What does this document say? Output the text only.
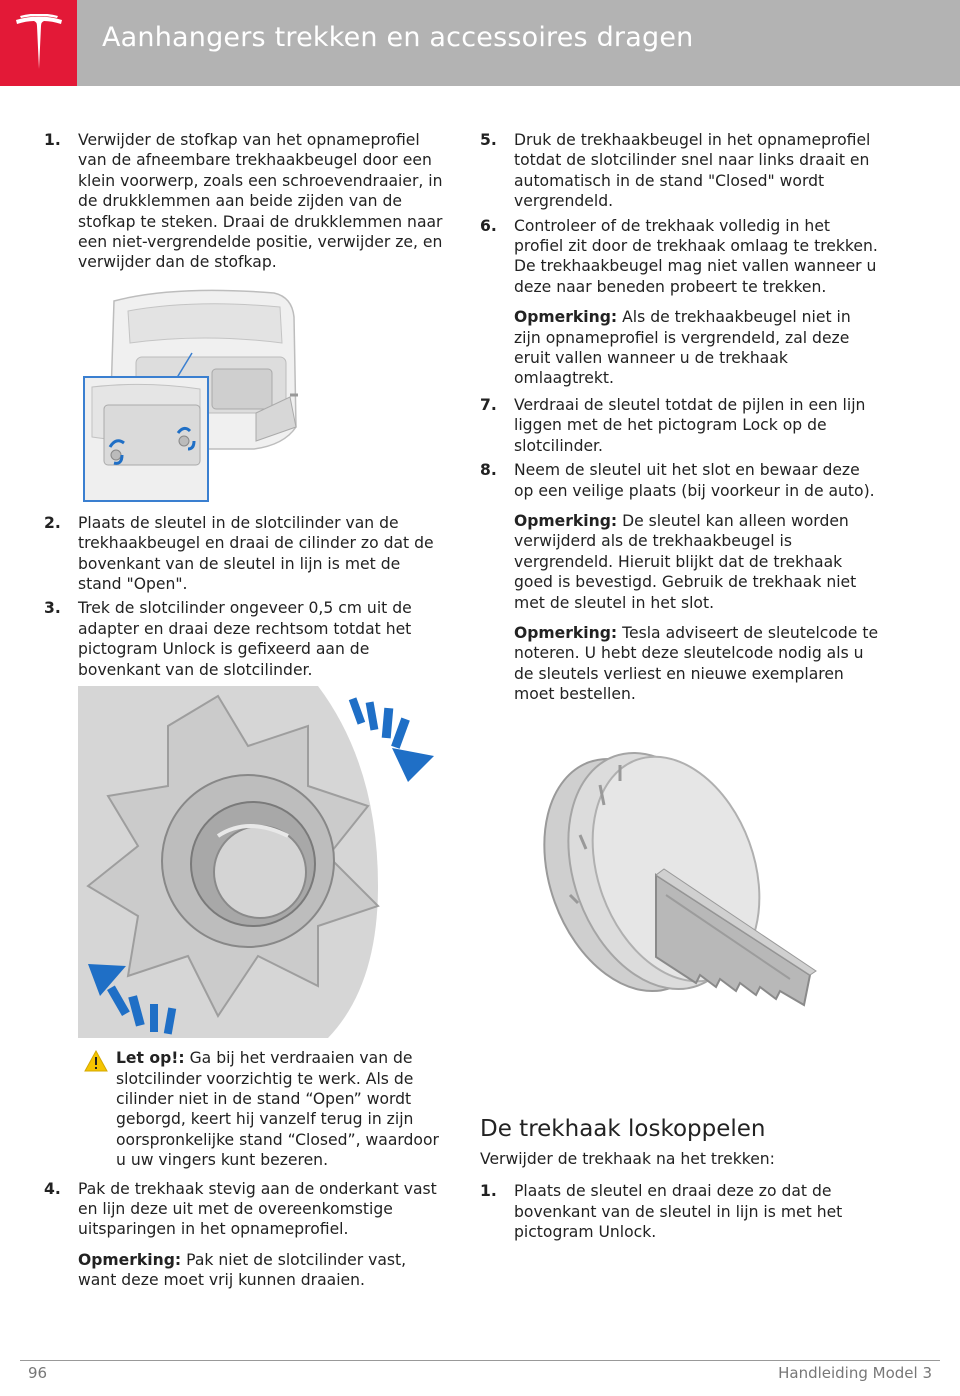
Aanhangers trekken en accessoires dragen
1. Verwijder de stofkap van het opnameprofiel van de afneembare trekhaakbeugel door een klein voorwerp, zoals een schroevendraaier, in de drukklemmen aan beide zijden van de stofkap te steken. Draai de drukklemmen naar een niet-vergrendelde positie, verwijder ze, en verwijder dan de stofkap.
2. Plaats de sleutel in de slotcilinder van de trekhaakbeugel en draai de cilinder zo dat de bovenkant van de sleutel in lijn is met de stand "Open".
3. Trek de slotcilinder ongeveer 0,5 cm uit de adapter en draai deze rechtsom totdat het pictogram Unlock is gefixeerd aan de bovenkant van de slotcilinder.
Let op!: Ga bij het verdraaien van de slotcilinder voorzichtig te werk. Als de cilinder niet in de stand “Open” wordt geborgd, keert hij vanzelf terug in zijn oorspronkelijke stand “Closed”, waardoor u uw vingers kunt bezeren.
4. Pak de trekhaak stevig aan de onderkant vast en lijn deze uit met de overeenkomstige uitsparingen in het opnameprofiel.
Opmerking: Pak niet de slotcilinder vast, want deze moet vrij kunnen draaien.
5. Druk de trekhaakbeugel in het opnameprofiel totdat de slotcilinder snel naar links draait en automatisch in de stand "Closed" wordt vergrendeld.
6. Controleer of de trekhaak volledig in het profiel zit door de trekhaak omlaag te trekken. De trekhaakbeugel mag niet vallen wanneer u deze naar beneden probeert te trekken.
Opmerking: Als de trekhaakbeugel niet in zijn opnameprofiel is vergrendeld, zal deze eruit vallen wanneer u de trekhaak omlaagtrekt.
7. Verdraai de sleutel totdat de pijlen in een lijn liggen met de het pictogram Lock op de slotcilinder.
8. Neem de sleutel uit het slot en bewaar deze op een veilige plaats (bij voorkeur in de auto).
Opmerking: De sleutel kan alleen worden verwijderd als de trekhaakbeugel is vergrendeld. Hieruit blijkt dat de trekhaak goed is bevestigd. Gebruik de trekhaak niet met de sleutel in het slot.
Opmerking: Tesla adviseert de sleutelcode te noteren. U hebt deze sleutelcode nodig als u de sleutels verliest en nieuwe exemplaren moet bestellen.
De trekhaak loskoppelen

Verwijder de trekhaak na het trekken:

1. Plaats de sleutel en draai deze zo dat de bovenkant van de sleutel in lijn is met het pictogram Unlock.
96	Handleiding Model 3
